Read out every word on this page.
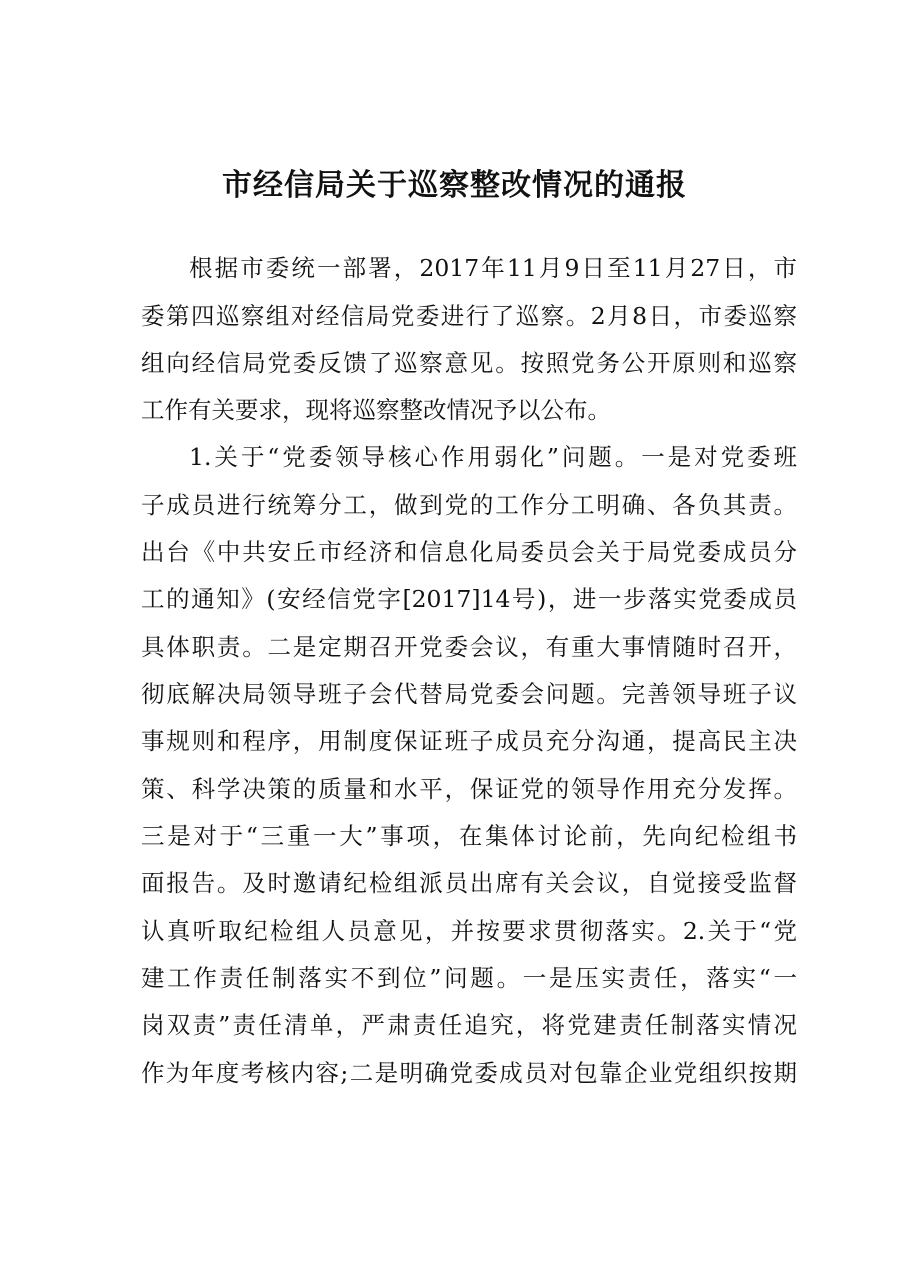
市经信局关于巡察整改情况的通报

根据市委统一部署，2017年11月9日至11月27日，市

委第四巡察组对经信局党委进行了巡察。2月8日，市委巡察

组向经信局党委反馈了巡察意见。按照党务公开原则和巡察

工作有关要求，现将巡察整改情况予以公布。

1.关于“党委领导核心作用弱化”问题。一是对党委班

子成员进行统筹分工，做到党的工作分工明确、各负其责。

出台《中共安丘市经济和信息化局委员会关于局党委成员分

工的通知》(安经信党字[2017]14号)，进一步落实党委成员

具体职责。二是定期召开党委会议，有重大事情随时召开，

彻底解决局领导班子会代替局党委会问题。完善领导班子议

事规则和程序，用制度保证班子成员充分沟通，提高民主决

策、科学决策的质量和水平，保证党的领导作用充分发挥。

三是对于“三重一大”事项，在集体讨论前，先向纪检组书

面报告。及时邀请纪检组派员出席有关会议，自觉接受监督

认真听取纪检组人员意见，并按要求贯彻落实。2.关于“党

建工作责任制落实不到位”问题。一是压实责任，落实“一

岗双责”责任清单，严肃责任追究，将党建责任制落实情况

作为年度考核内容;二是明确党委成员对包靠企业党组织按期
